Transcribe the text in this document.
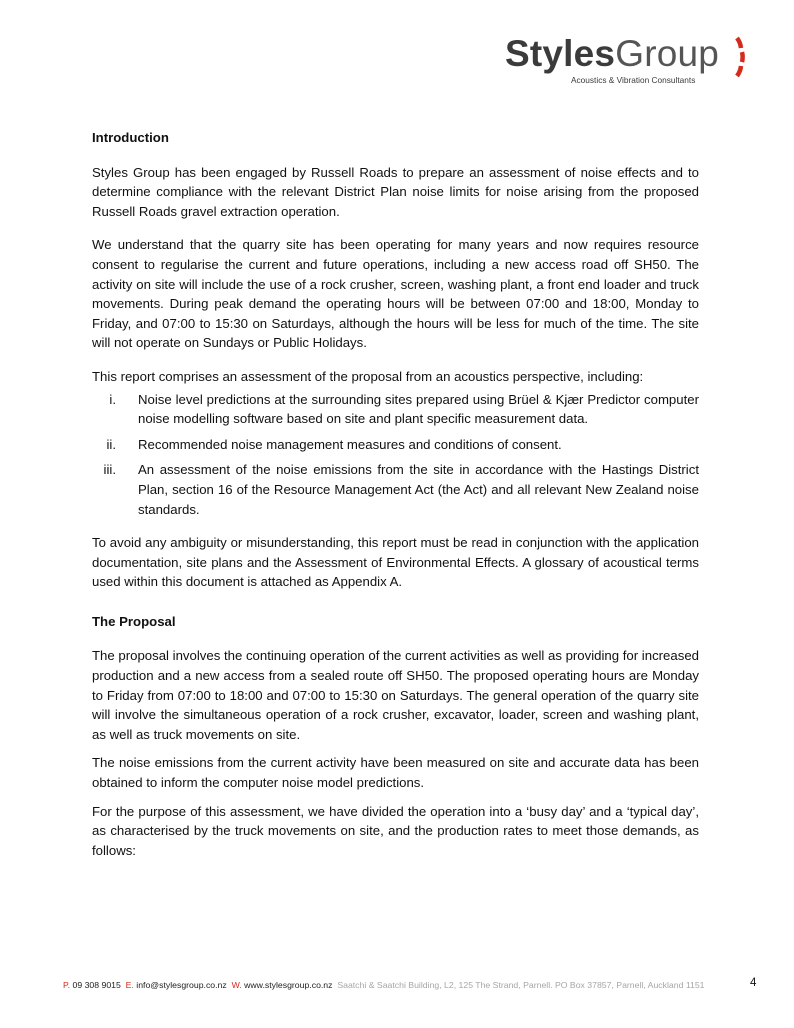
StylesGroup
Acoustics & Vibration Consultants

Introduction

Styles Group has been engaged by Russell Roads to prepare an assessment of noise effects and to determine compliance with the relevant District Plan noise limits for noise arising from the proposed Russell Roads gravel extraction operation.

We understand that the quarry site has been operating for many years and now requires resource consent to regularise the current and future operations, including a new access road off SH50. The activity on site will include the use of a rock crusher, screen, washing plant, a front end loader and truck movements. During peak demand the operating hours will be between 07:00 and 18:00, Monday to Friday, and 07:00 to 15:30 on Saturdays, although the hours will be less for much of the time. The site will not operate on Sundays or Public Holidays.

This report comprises an assessment of the proposal from an acoustics perspective, including:

i. Noise level predictions at the surrounding sites prepared using Brüel & Kjær Predictor computer noise modelling software based on site and plant specific measurement data.
ii. Recommended noise management measures and conditions of consent.
iii. An assessment of the noise emissions from the site in accordance with the Hastings District Plan, section 16 of the Resource Management Act (the Act) and all relevant New Zealand noise standards.

To avoid any ambiguity or misunderstanding, this report must be read in conjunction with the application documentation, site plans and the Assessment of Environmental Effects. A glossary of acoustical terms used within this document is attached as Appendix A.

The Proposal

The proposal involves the continuing operation of the current activities as well as providing for increased production and a new access from a sealed route off SH50. The proposed operating hours are Monday to Friday from 07:00 to 18:00 and 07:00 to 15:30 on Saturdays. The general operation of the quarry site will involve the simultaneous operation of a rock crusher, excavator, loader, screen and washing plant, as well as truck movements on site.

The noise emissions from the current activity have been measured on site and accurate data has been obtained to inform the computer noise model predictions.

For the purpose of this assessment, we have divided the operation into a ‘busy day’ and a ‘typical day’, as characterised by the truck movements on site, and the production rates to meet those demands, as follows:

P. 09 308 9015 E. info@stylesgroup.co.nz W. www.stylesgroup.co.nz Saatchi & Saatchi Building, L2, 125 The Strand, Parnell. PO Box 37857, Parnell, Auckland 1151	4
